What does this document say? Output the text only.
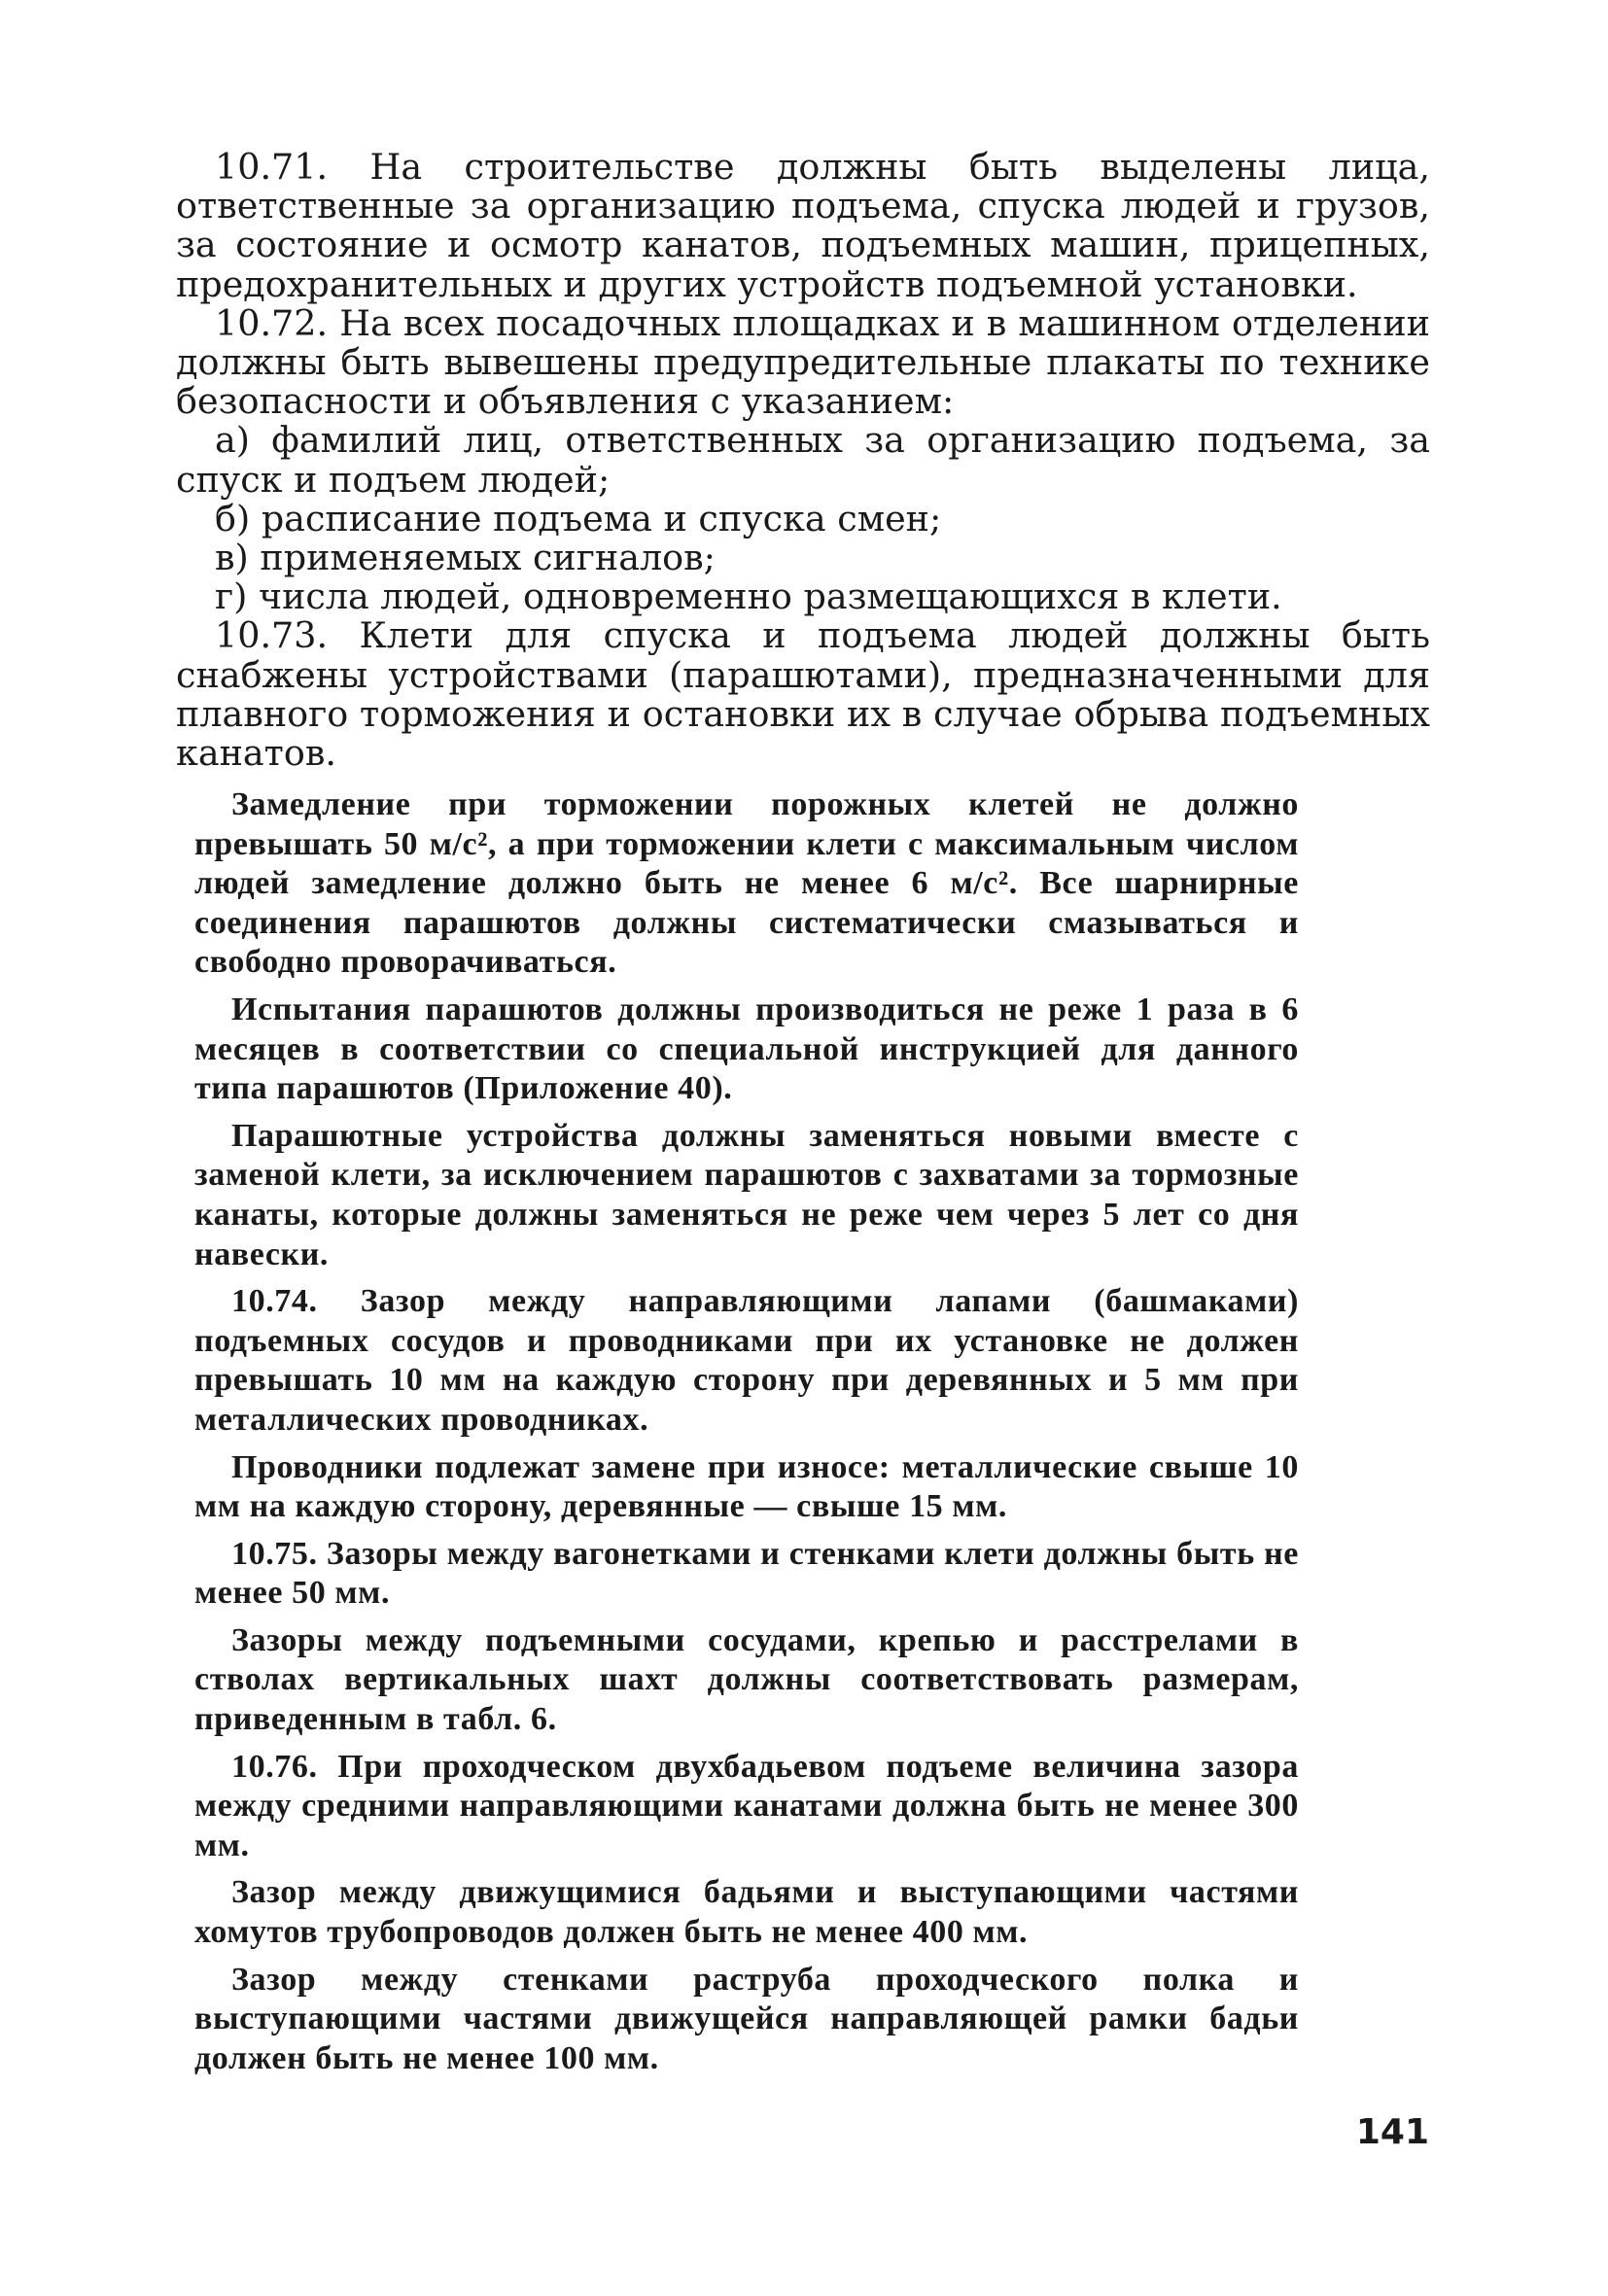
10.71. На строительстве должны быть выделены лица, ответственные за организацию подъема, спуска людей и грузов, за состояние и осмотр канатов, подъемных машин, прицепных, предохранительных и других устройств подъемной установки.

10.72. На всех посадочных площадках и в машинном отделении должны быть вывешены предупредительные плакаты по технике безопасности и объявления с указанием:

а) фамилий лиц, ответственных за организацию подъема, за спуск и подъем людей;

б) расписание подъема и спуска смен;

в) применяемых сигналов;

г) числа людей, одновременно размещающихся в клети.

10.73. Клети для спуска и подъема людей должны быть снабжены устройствами (парашютами), предназначенными для плавного торможения и остановки их в случае обрыва подъемных канатов.

Замедление при торможении порожных клетей не должно превышать 50 м/с², а при торможении клети с максимальным числом людей замедление должно быть не менее 6 м/с². Все шарнирные соединения парашютов должны систематически смазываться и свободно проворачиваться.

Испытания парашютов должны производиться не реже 1 раза в 6 месяцев в соответствии со специальной инструкцией для данного типа парашютов (Приложение 40).

Парашютные устройства должны заменяться новыми вместе с заменой клети, за исключением парашютов с захватами за тормозные канаты, которые должны заменяться не реже чем через 5 лет со дня навески.

10.74. Зазор между направляющими лапами (башмаками) подъемных сосудов и проводниками при их установке не должен превышать 10 мм на каждую сторону при деревянных и 5 мм при металлических проводниках.

Проводники подлежат замене при износе: металлические свыше 10 мм на каждую сторону, деревянные — свыше 15 мм.

10.75. Зазоры между вагонетками и стенками клети должны быть не менее 50 мм.

Зазоры между подъемными сосудами, крепью и расстрелами в стволах вертикальных шахт должны соответствовать размерам, приведенным в табл. 6.

10.76. При проходческом двухбадьевом подъеме величина зазора между средними направляющими канатами должна быть не менее 300 мм.

Зазор между движущимися бадьями и выступающими частями хомутов трубопроводов должен быть не менее 400 мм.

Зазор между стенками раструба проходческого полка и выступающими частями движущейся направляющей рамки бадьи должен быть не менее 100 мм.

141
